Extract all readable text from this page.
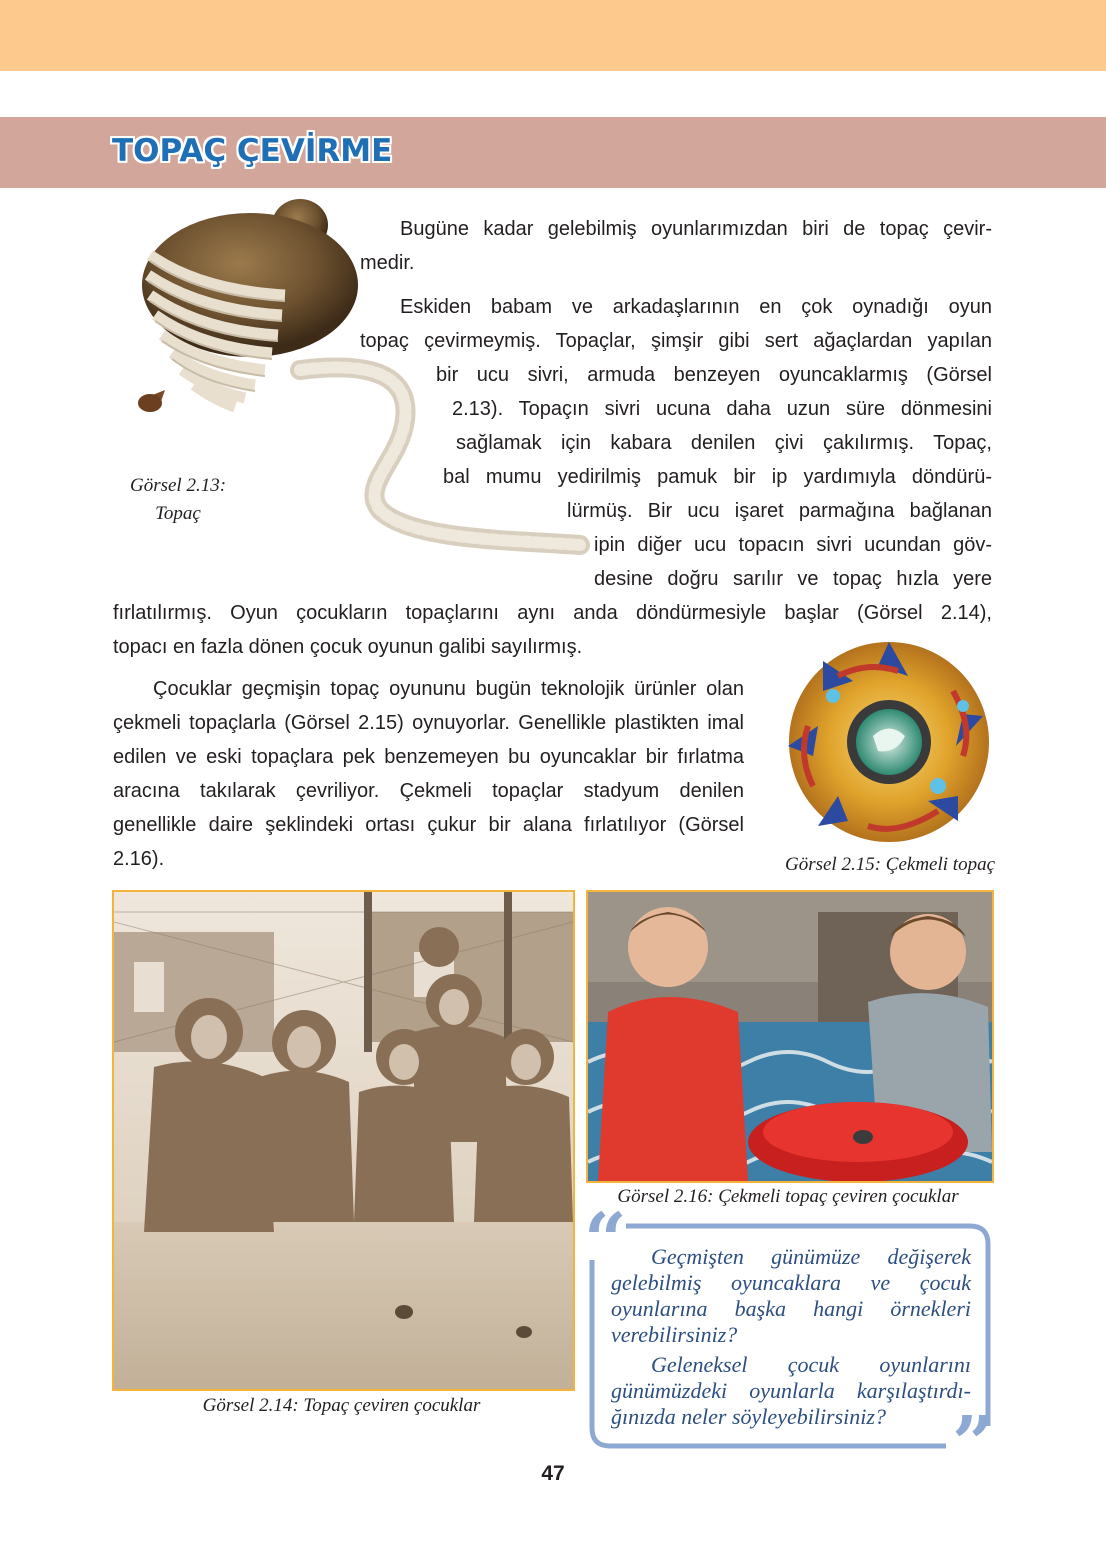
TOPAÇ ÇEVİRME
Görsel 2.13:
Topaç

Bugüne kadar gelebilmiş oyunlarımızdan biri de topaç çevir-

medir.

Eskiden babam ve arkadaşlarının en çok oynadığı oyun

topaç çevirmeymiş. Topaçlar, şimşir gibi sert ağaçlardan yapılan

bir ucu sivri, armuda benzeyen oyuncaklarmış (Görsel

2.13). Topaçın sivri ucuna daha uzun süre dönmesini

sağlamak için kabara denilen çivi çakılırmış. Topaç,

bal mumu yedirilmiş pamuk bir ip yardımıyla döndürü-

lürmüş. Bir ucu işaret parmağına bağlanan

ipin diğer ucu topacın sivri ucundan göv-

desine doğru sarılır ve topaç hızla yere

fırlatılırmış. Oyun çocukların topaçlarını aynı anda döndürmesiyle başlar (Görsel 2.14),

topacı en fazla dönen çocuk oyunun galibi sayılırmış.

Çocuklar geçmişin topaç oyununu bugün teknolojik ürünler olan çekmeli topaçlarla (Görsel 2.15) oynuyorlar. Genellikle plastikten imal edilen ve eski topaçlara pek benzemeyen bu oyuncaklar bir fırlatma aracına takılarak çevriliyor. Çekmeli topaçlar stadyum denilen genellikle daire şeklindeki ortası çukur bir alana fırlatılıyor (Görsel 2.16).	Görsel 2.15: Çekmeli topaç
Görsel 2.14: Topaç çeviren çocuklar
Görsel 2.16: Çekmeli topaç çeviren çocuklar
“
”

Geçmişten günümüze değişerek gelebilmiş oyuncaklara ve çocuk oyunlarına başka hangi örnekleri verebilirsiniz?

Geleneksel çocuk oyunlarını

günümüzdeki oyunlarla karşılaştırdı-

ğınızda neler söyleyebilirsiniz?

47
